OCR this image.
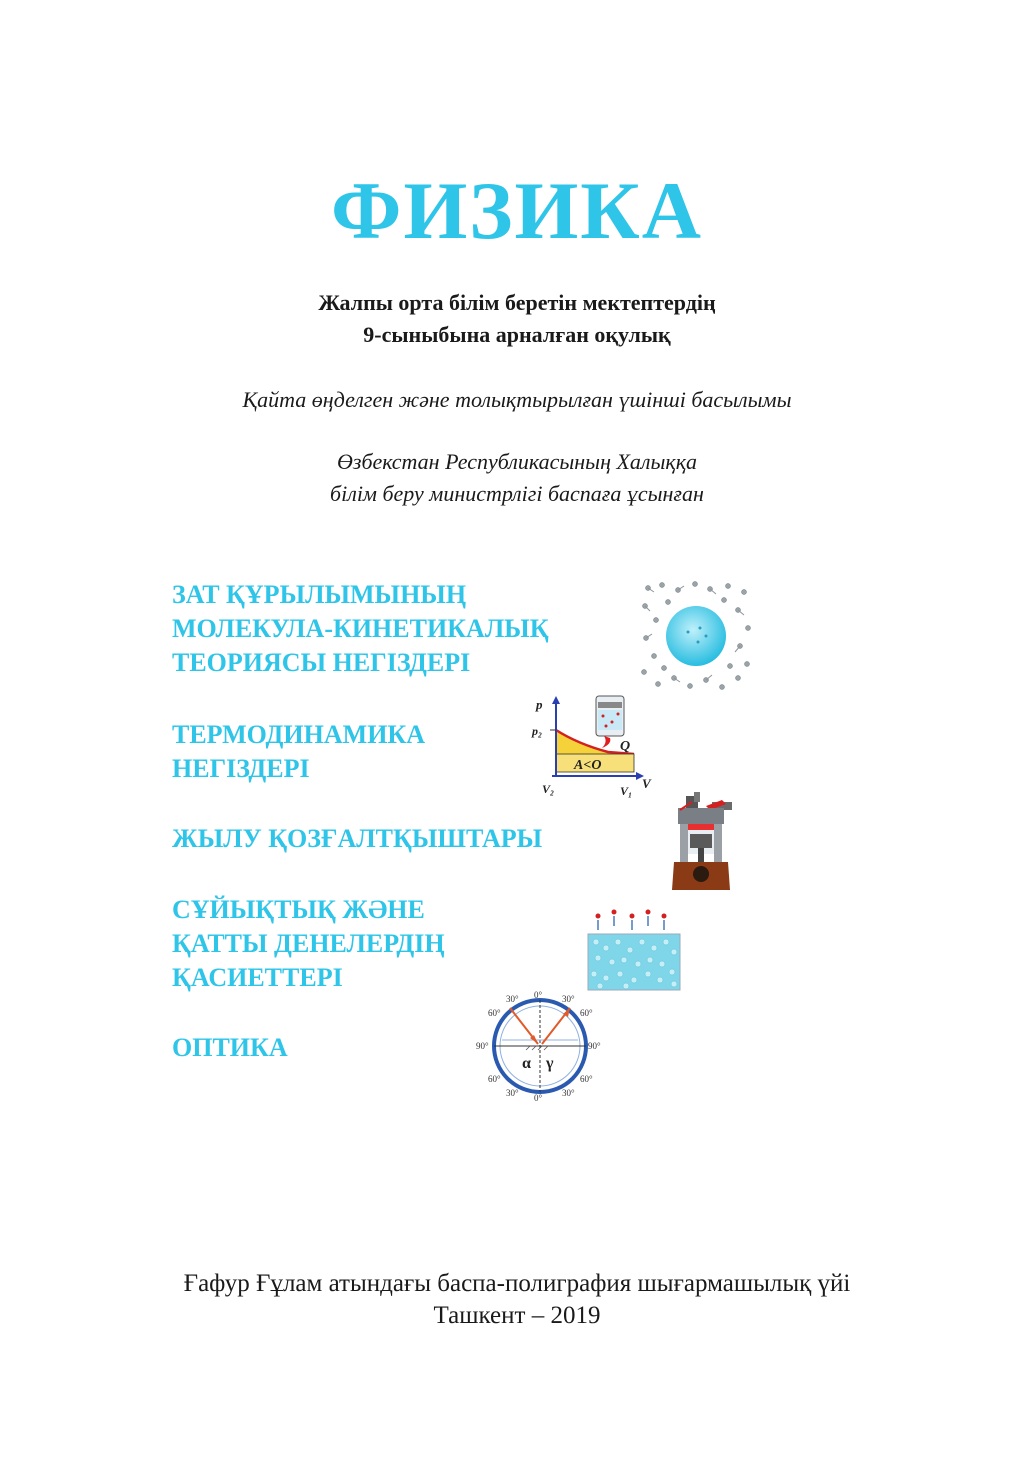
ФИЗИКА
Жалпы орта білім беретін мектептердің
9-сыныбына арналған оқулық
Қайта өңделген және толықтырылған үшінші басылымы
Өзбекстан Республикасының Халыққа
білім беру министрлігі баспаға ұсынған
ЗАТ ҚҰРЫЛЫМЫНЫҢ
МОЛЕКУЛА-КИНЕТИКАЛЫҚ
ТЕОРИЯСЫ НЕГІЗДЕРІ
ТЕРМОДИНАМИКА
НЕГІЗДЕРІ
ЖЫЛУ ҚОЗҒАЛТҚЫШТАРЫ
СҰЙЫҚТЫҚ ЖӘНЕ
ҚАТТЫ ДЕНЕЛЕРДІҢ
ҚАСИЕТТЕРІ
ОПТИКА
p
p₂
Q
A<O
V
V₂	V₁
0°
0°
90°	90°
60°	60°
60°	60°
30°	30°
30°	30°
α γ
Ғафур Ғұлам атындағы баспа-полиграфия шығармашылық үйі
Ташкент – 2019
